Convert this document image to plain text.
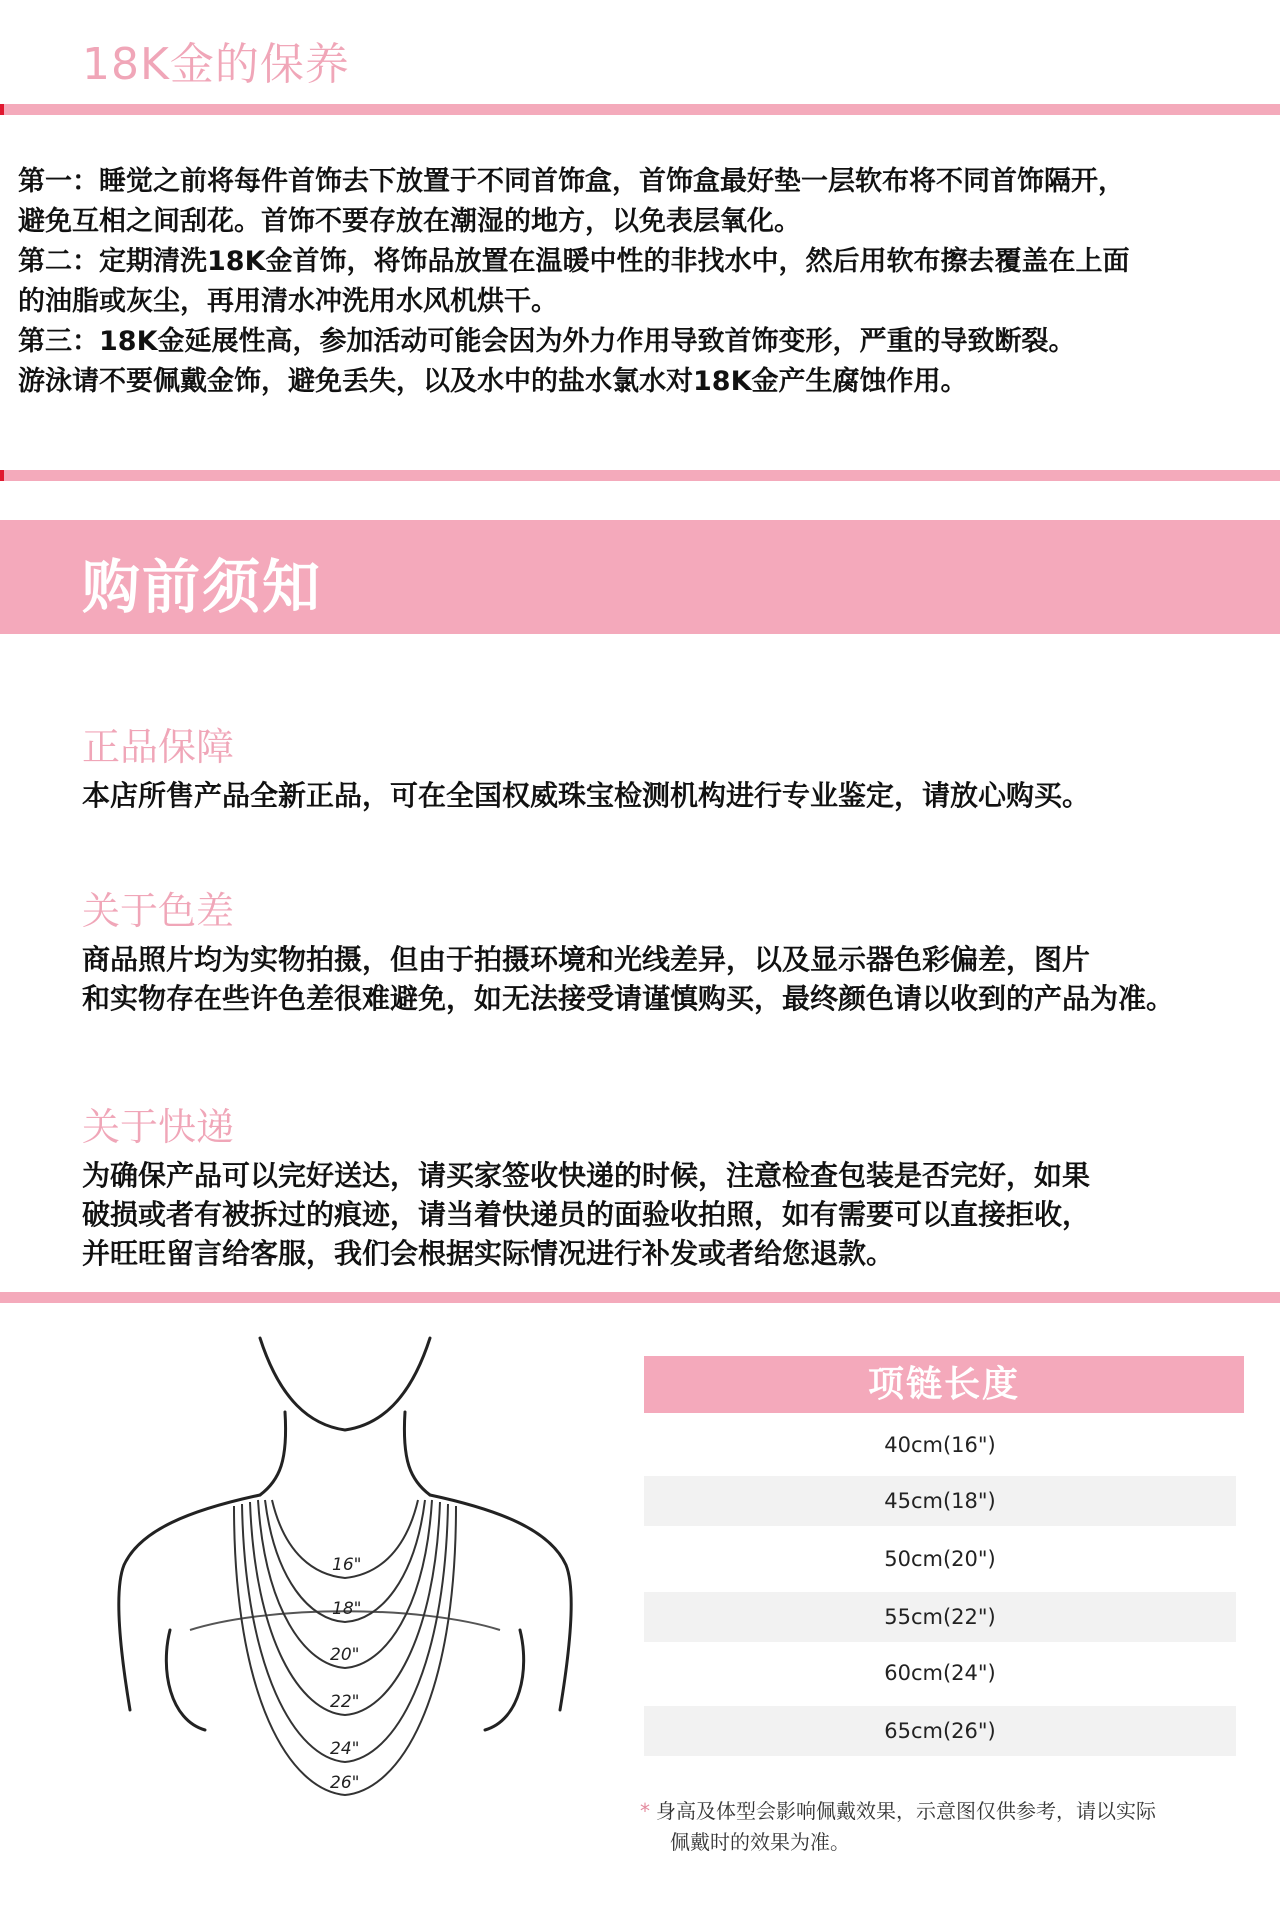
18K金的保养
第一：睡觉之前将每件首饰去下放置于不同首饰盒，首饰盒最好垫一层软布将不同首饰隔开，
避免互相之间刮花。首饰不要存放在潮湿的地方，以免表层氧化。
第二：定期清洗18K金首饰，将饰品放置在温暖中性的非找水中，然后用软布擦去覆盖在上面
的油脂或灰尘，再用清水冲洗用水风机烘干。
第三：18K金延展性高，参加活动可能会因为外力作用导致首饰变形，严重的导致断裂。
游泳请不要佩戴金饰，避免丢失，以及水中的盐水氯水对18K金产生腐蚀作用。
购前须知
正品保障
本店所售产品全新正品，可在全国权威珠宝检测机构进行专业鉴定，请放心购买。
关于色差
商品照片均为实物拍摄，但由于拍摄环境和光线差异，以及显示器色彩偏差，图片
和实物存在些许色差很难避免，如无法接受请谨慎购买，最终颜色请以收到的产品为准。
关于快递
为确保产品可以完好送达，请买家签收快递的时候，注意检查包装是否完好，如果
破损或者有被拆过的痕迹，请当着快递员的面验收拍照，如有需要可以直接拒收，
并旺旺留言给客服，我们会根据实际情况进行补发或者给您退款。
16"
18"
20"
22"
24"
26"
项链长度
40cm(16")
45cm(18")
50cm(20")
55cm(22")
60cm(24")
65cm(26")
* 身高及体型会影响佩戴效果，示意图仅供参考，请以实际
佩戴时的效果为准。
